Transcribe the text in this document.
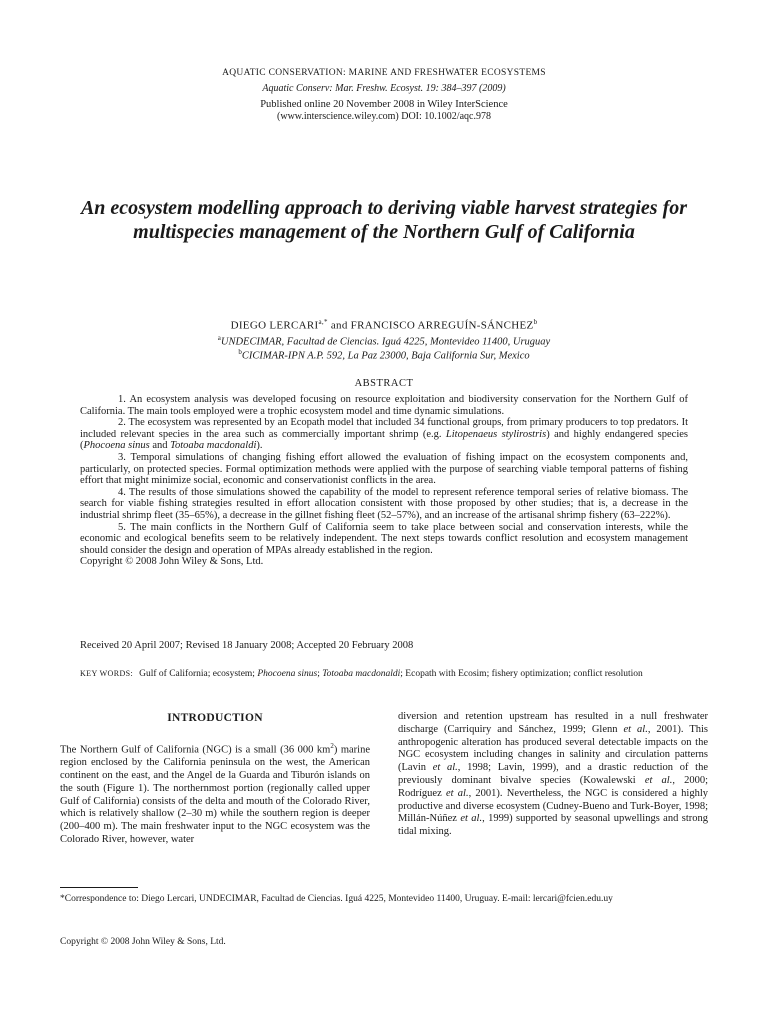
AQUATIC CONSERVATION: MARINE AND FRESHWATER ECOSYSTEMS
Aquatic Conserv: Mar. Freshw. Ecosyst. 19: 384–397 (2009)
Published online 20 November 2008 in Wiley InterScience
(www.interscience.wiley.com) DOI: 10.1002/aqc.978
An ecosystem modelling approach to deriving viable harvest strategies for multispecies management of the Northern Gulf of California
DIEGO $LERCARI^{a,*}$ and FRANCISCO ARREGUÍN-SÁNCHEZ$^b$
$^a$UNDECIMAR, Facultad de Ciencias. Iguá 4225, Montevideo 11400, Uruguay
$^b$CICIMAR-IPN A.P. 592, La Paz 23000, Baja California Sur, Mexico
ABSTRACT

1. An ecosystem analysis was developed focusing on resource exploitation and biodiversity conservation for the Northern Gulf of California. The main tools employed were a trophic ecosystem model and time dynamic simulations.

2. The ecosystem was represented by an Ecopath model that included 34 functional groups, from primary producers to top predators. It included relevant species in the area such as commercially important shrimp (e.g. Litopenaeus stylirostris) and highly endangered species (Phocoena sinus and Totoaba macdonaldi).

3. Temporal simulations of changing fishing effort allowed the evaluation of fishing impact on the ecosystem components and, particularly, on protected species. Formal optimization methods were applied with the purpose of searching viable temporal patterns of fishing effort that might minimize social, economic and conservationist conflicts in the area.

4. The results of those simulations showed the capability of the model to represent reference temporal series of relative biomass. The search for viable fishing strategies resulted in effort allocation consistent with those proposed by other studies; that is, a decrease in the industrial shrimp fleet (35–65%), a decrease in the gillnet fishing fleet (52–57%), and an increase of the artisanal shrimp fishery (63–222%).

5. The main conflicts in the Northern Gulf of California seem to take place between social and conservation interests, while the economic and ecological benefits seem to be relatively independent. The next steps towards conflict resolution and ecosystem management should consider the design and operation of MPAs already established in the region.

Copyright © 2008 John Wiley & Sons, Ltd.

Received 20 April 2007; Revised 18 January 2008; Accepted 20 February 2008
KEY WORDS: Gulf of California; ecosystem; Phocoena sinus; Totoaba macdonaldi; Ecopath with Ecosim; fishery optimization; conflict resolution
INTRODUCTION
The Northern Gulf of California (NGC) is a small (36 000 $km^2$) marine region enclosed by the California peninsula on the west, the American continent on the east, and the Angel de la Guarda and Tiburón islands on the south (Figure 1). The northernmost portion (regionally called upper Gulf of California) consists of the delta and mouth of the Colorado River, which is relatively shallow (2–30 m) while the southern region is deeper (200–400 m). The main freshwater input to the NGC ecosystem was the Colorado River, however, water
diversion and retention upstream has resulted in a null freshwater discharge (Carriquiry and Sánchez, 1999; Glenn et al., 2001). This anthropogenic alteration has produced several detectable impacts on the NGC ecosystem including changes in salinity and circulation patterns (Lavin et al., 1998; Lavin, 1999), and a drastic reduction of the previously dominant bivalve species (Kowalewski et al., 2000; Rodríguez et al., 2001). Nevertheless, the NGC is considered a highly productive and diverse ecosystem (Cudney-Bueno and Turk-Boyer, 1998; Millán-Núñez et al., 1999) supported by seasonal upwellings and strong tidal mixing.
*Correspondence to: Diego Lercari, UNDECIMAR, Facultad de Ciencias. Iguá 4225, Montevideo 11400, Uruguay. E-mail: lercari@fcien.edu.uy
Copyright © 2008 John Wiley & Sons, Ltd.
